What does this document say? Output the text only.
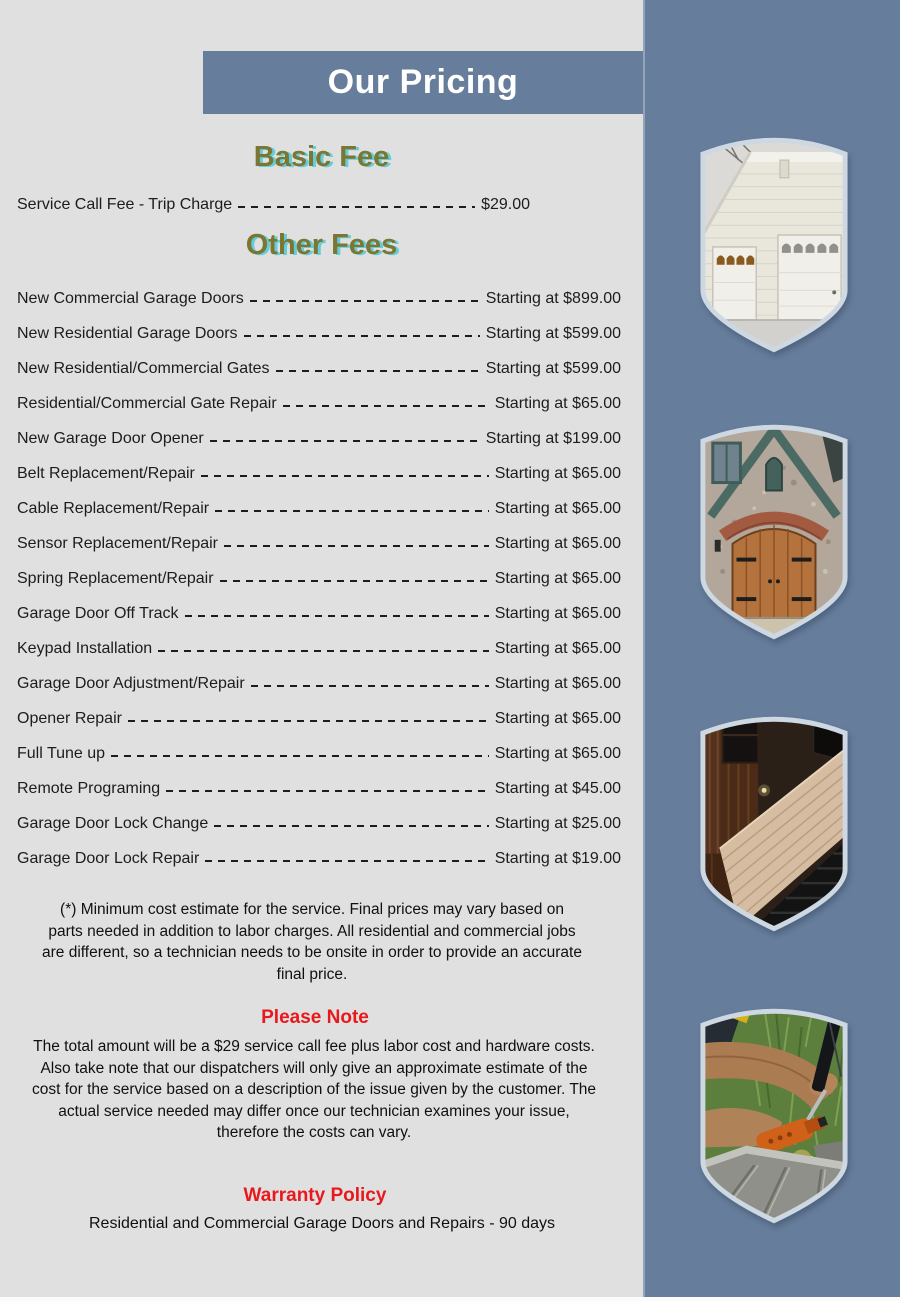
Our Pricing
Basic Fee
Service Call Fee - Trip Charge	$29.00
Other Fees
New Commercial Garage Doors	Starting at $899.00
New Residential Garage Doors	Starting at $599.00
New Residential/Commercial Gates	Starting at $599.00
Residential/Commercial Gate Repair	Starting at $65.00
New Garage Door Opener	Starting at $199.00
Belt Replacement/Repair	Starting at $65.00
Cable Replacement/Repair	Starting at $65.00
Sensor Replacement/Repair	Starting at $65.00
Spring Replacement/Repair	Starting at $65.00
Garage Door Off Track	Starting at $65.00
Keypad Installation	Starting at $65.00
Garage Door Adjustment/Repair	Starting at $65.00
Opener Repair	Starting at $65.00
Full Tune up	Starting at $65.00
Remote Programing	Starting at $45.00
Garage Door Lock Change	Starting at $25.00
Garage Door Lock Repair	Starting at $19.00

(*) Minimum cost estimate for the service. Final prices may vary based on parts needed in addition to labor charges. All residential and commercial jobs are different, so a technician needs to be onsite in order to provide an accurate final price.

Please Note

The total amount will be a $29 service call fee plus labor cost and hardware costs. Also take note that our dispatchers will only give an approximate estimate of the cost for the service based on a description of the issue given by the customer. The actual service needed may differ once our technician examines your issue, therefore the costs can vary.

Warranty Policy

Residential and Commercial Garage Doors and Repairs - 90 days
